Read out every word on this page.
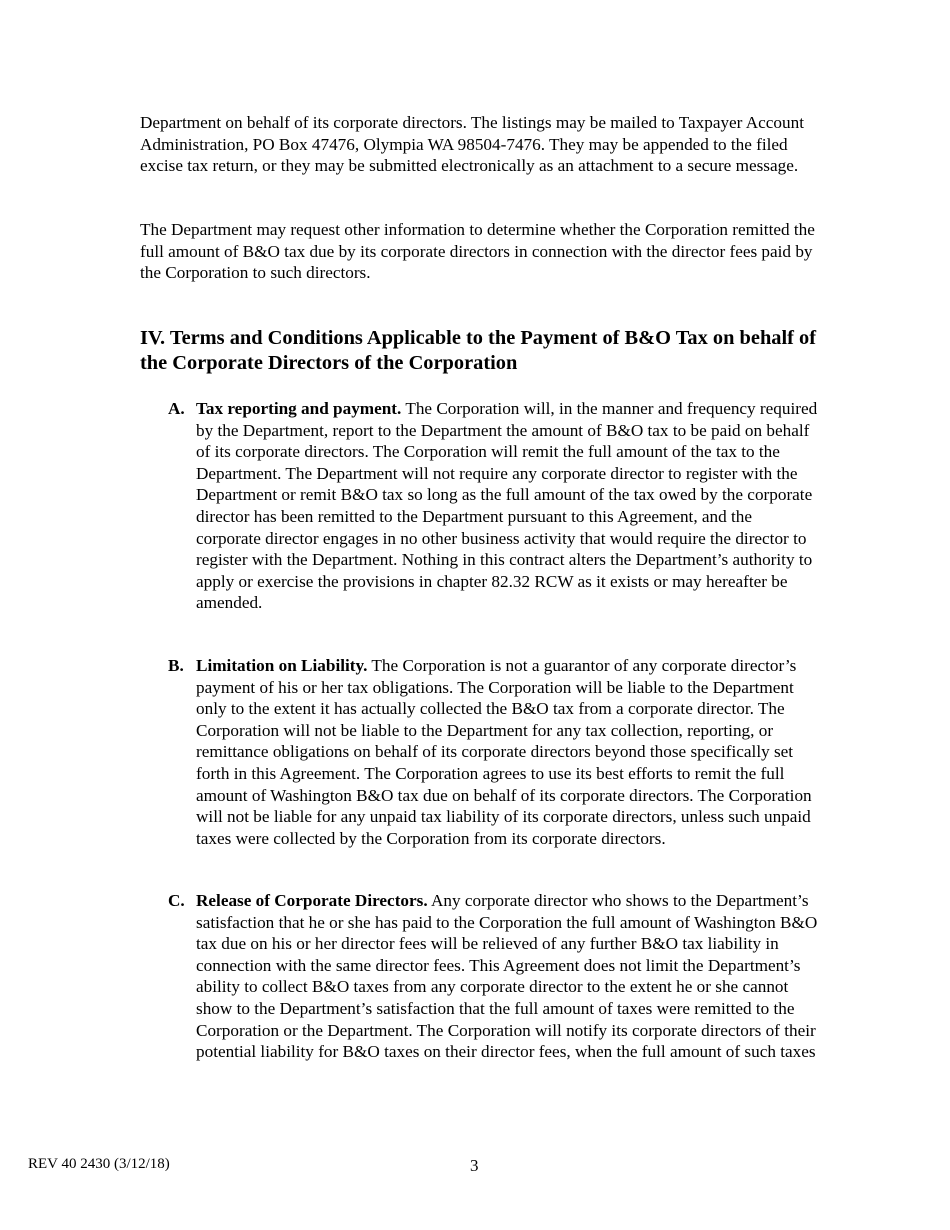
Department on behalf of its corporate directors. The listings may be mailed to Taxpayer Account Administration, PO Box 47476, Olympia WA 98504-7476. They may be appended to the filed excise tax return, or they may be submitted electronically as an attachment to a secure message.

The Department may request other information to determine whether the Corporation remitted the full amount of B&O tax due by its corporate directors in connection with the director fees paid by the Corporation to such directors.

IV. Terms and Conditions Applicable to the Payment of B&O Tax on behalf of the Corporate Directors of the Corporation
A. Tax reporting and payment. The Corporation will, in the manner and frequency required by the Department, report to the Department the amount of B&O tax to be paid on behalf of its corporate directors. The Corporation will remit the full amount of the tax to the Department. The Department will not require any corporate director to register with the Department or remit B&O tax so long as the full amount of the tax owed by the corporate director has been remitted to the Department pursuant to this Agreement, and the corporate director engages in no other business activity that would require the director to register with the Department. Nothing in this contract alters the Department’s authority to apply or exercise the provisions in chapter 82.32 RCW as it exists or may hereafter be amended.
B. Limitation on Liability. The Corporation is not a guarantor of any corporate director’s payment of his or her tax obligations. The Corporation will be liable to the Department only to the extent it has actually collected the B&O tax from a corporate director. The Corporation will not be liable to the Department for any tax collection, reporting, or remittance obligations on behalf of its corporate directors beyond those specifically set forth in this Agreement. The Corporation agrees to use its best efforts to remit the full amount of Washington B&O tax due on behalf of its corporate directors. The Corporation will not be liable for any unpaid tax liability of its corporate directors, unless such unpaid taxes were collected by the Corporation from its corporate directors.
C. Release of Corporate Directors. Any corporate director who shows to the Department’s satisfaction that he or she has paid to the Corporation the full amount of Washington B&O tax due on his or her director fees will be relieved of any further B&O tax liability in connection with the same director fees. This Agreement does not limit the Department’s ability to collect B&O taxes from any corporate director to the extent he or she cannot show to the Department’s satisfaction that the full amount of taxes were remitted to the Corporation or the Department. The Corporation will notify its corporate directors of their potential liability for B&O taxes on their director fees, when the full amount of such taxes
REV 40 2430 (3/12/18)	3
